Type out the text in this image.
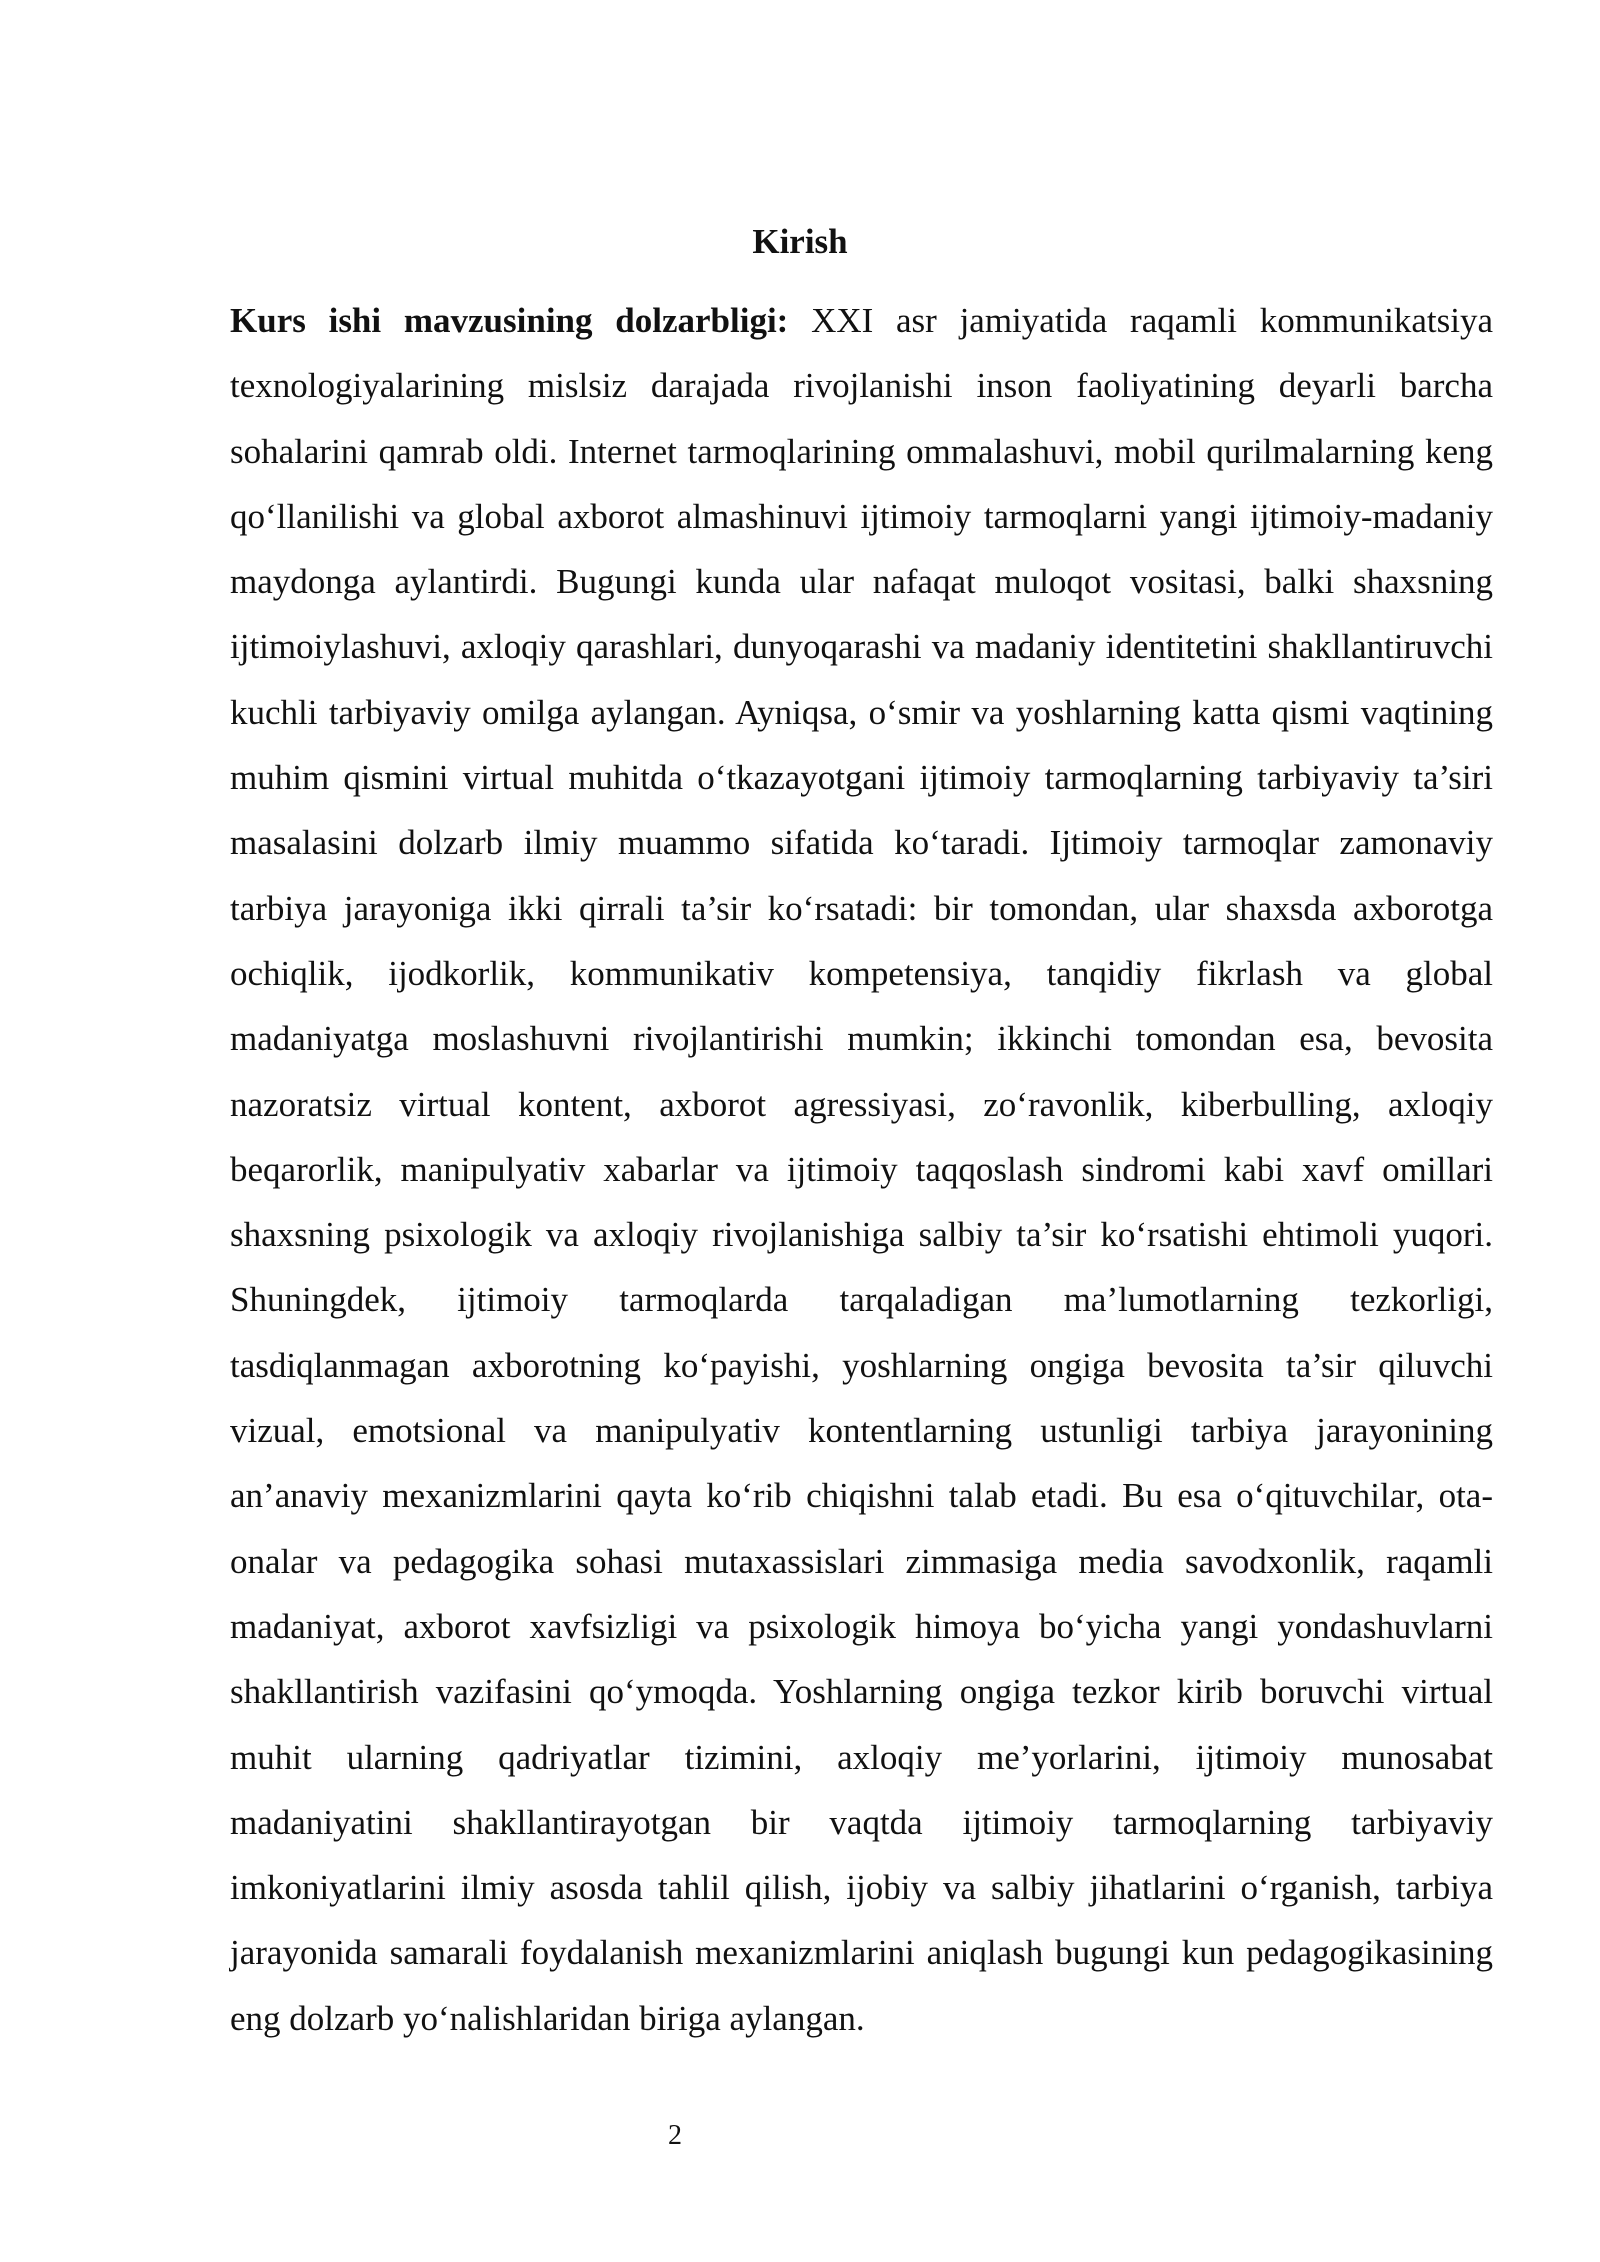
Kirish

Kurs ishi mavzusining dolzarbligi: XXI asr jamiyatida raqamli kommunikatsiya texnologiyalarining mislsiz darajada rivojlanishi inson faoliyatining deyarli barcha sohalarini qamrab oldi. Internet tarmoqlarining ommalashuvi, mobil qurilmalarning keng qo‘llanilishi va global axborot almashinuvi ijtimoiy tarmoqlarni yangi ijtimoiy-madaniy maydonga aylantirdi. Bugungi kunda ular nafaqat muloqot vositasi, balki shaxsning ijtimoiylashuvi, axloqiy qarashlari, dunyoqarashi va madaniy identitetini shakllantiruvchi kuchli tarbiyaviy omilga aylangan. Ayniqsa, o‘smir va yoshlarning katta qismi vaqtining muhim qismini virtual muhitda o‘tkazayotgani ijtimoiy tarmoqlarning tarbiyaviy ta’siri masalasini dolzarb ilmiy muammo sifatida ko‘taradi. Ijtimoiy tarmoqlar zamonaviy tarbiya jarayoniga ikki qirrali ta’sir ko‘rsatadi: bir tomondan, ular shaxsda axborotga ochiqlik, ijodkorlik, kommunikativ kompetensiya, tanqidiy fikrlash va global madaniyatga moslashuvni rivojlantirishi mumkin; ikkinchi tomondan esa, bevosita nazoratsiz virtual kontent, axborot agressiyasi, zo‘ravonlik, kiberbulling, axloqiy beqarorlik, manipulyativ xabarlar va ijtimoiy taqqoslash sindromi kabi xavf omillari shaxsning psixologik va axloqiy rivojlanishiga salbiy ta’sir ko‘rsatishi ehtimoli yuqori. Shuningdek, ijtimoiy tarmoqlarda tarqaladigan ma’lumotlarning tezkorligi, tasdiqlanmagan axborotning ko‘payishi, yoshlarning ongiga bevosita ta’sir qiluvchi vizual, emotsional va manipulyativ kontentlarning ustunligi tarbiya jarayonining an’anaviy mexanizmlarini qayta ko‘rib chiqishni talab etadi. Bu esa o‘qituvchilar, ota-onalar va pedagogika sohasi mutaxassislari zimmasiga media savodxonlik, raqamli madaniyat, axborot xavfsizligi va psixologik himoya bo‘yicha yangi yondashuvlarni shakllantirish vazifasini qo‘ymoqda. Yoshlarning ongiga tezkor kirib boruvchi virtual muhit ularning qadriyatlar tizimini, axloqiy me’yorlarini, ijtimoiy munosabat madaniyatini shakllantirayotgan bir vaqtda ijtimoiy tarmoqlarning tarbiyaviy imkoniyatlarini ilmiy asosda tahlil qilish, ijobiy va salbiy jihatlarini o‘rganish, tarbiya jarayonida samarali foydalanish mexanizmlarini aniqlash bugungi kun pedagogikasining eng dolzarb yo‘nalishlaridan biriga aylangan.

2
